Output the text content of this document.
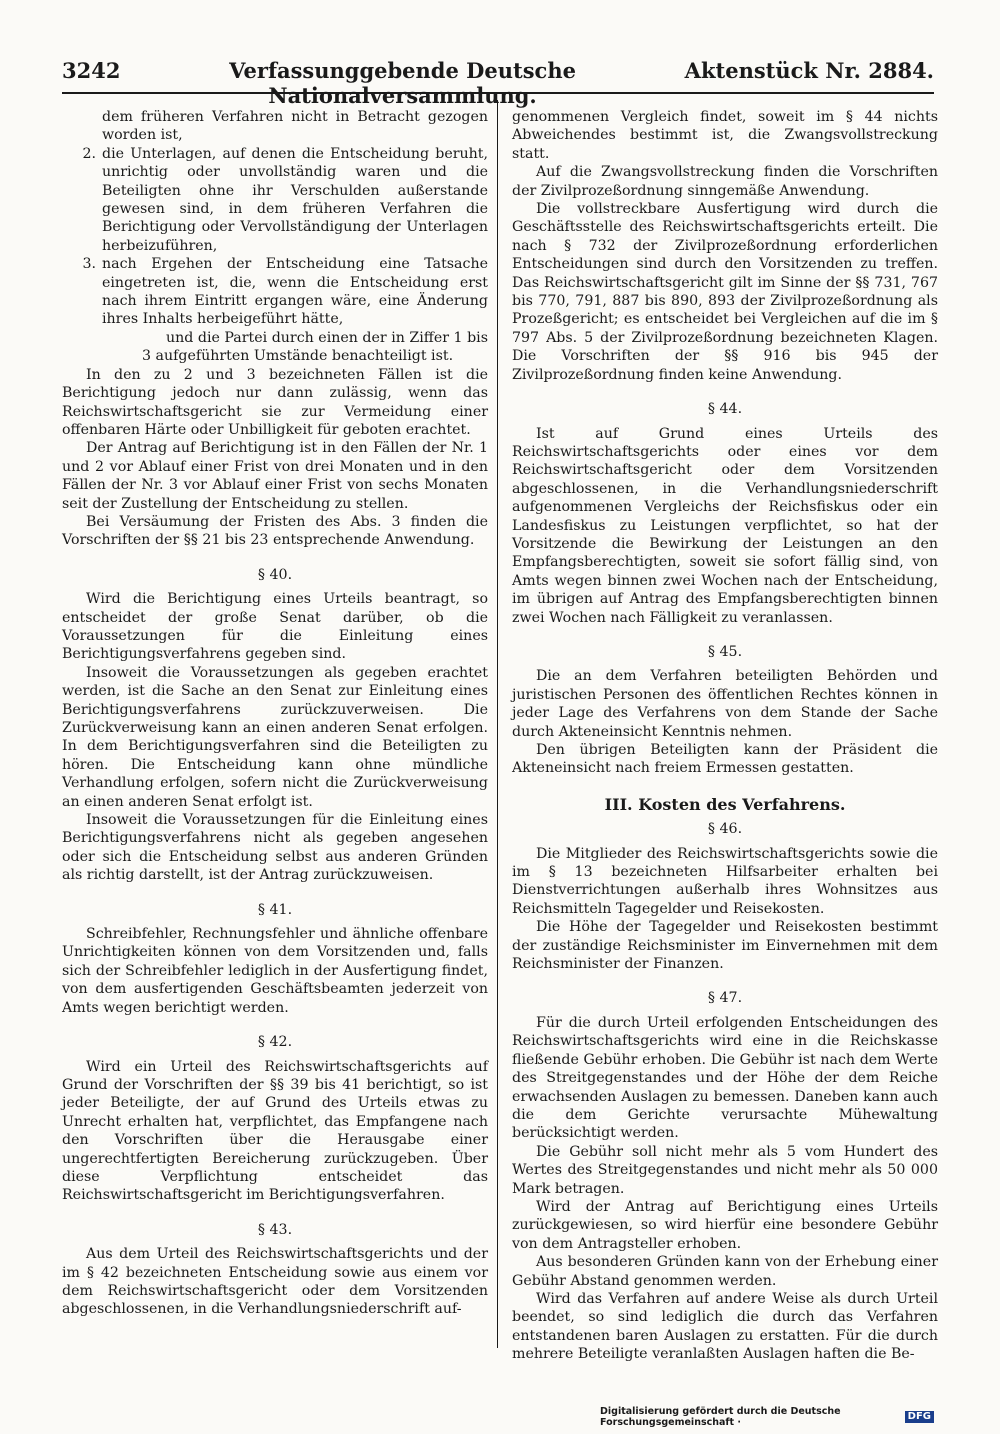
3242	Verfassunggebende Deutsche Nationalversammlung.
Aktenstück Nr. 2884.

dem früheren Verfahren nicht in Betracht gezogen worden ist,

2. die Unterlagen, auf denen die Entscheidung beruht, unrichtig oder unvollständig waren und die Beteiligten ohne ihr Verschulden außerstande gewesen sind, in dem früheren Verfahren die Berichtigung oder Vervollständigung der Unterlagen herbeizuführen,
3. nach Ergehen der Entscheidung eine Tatsache eingetreten ist, die, wenn die Entscheidung erst nach ihrem Eintritt ergangen wäre, eine Änderung ihres Inhalts herbeigeführt hätte,

und die Partei durch einen der in Ziffer 1 bis 3 aufgeführten Umstände benachteiligt ist.

In den zu 2 und 3 bezeichneten Fällen ist die Berichtigung jedoch nur dann zulässig, wenn das Reichswirtschaftsgericht sie zur Vermeidung einer offenbaren Härte oder Unbilligkeit für geboten erachtet.

Der Antrag auf Berichtigung ist in den Fällen der Nr. 1 und 2 vor Ablauf einer Frist von drei Monaten und in den Fällen der Nr. 3 vor Ablauf einer Frist von sechs Monaten seit der Zustellung der Entscheidung zu stellen.

Bei Versäumung der Fristen des Abs. 3 finden die Vorschriften der §§ 21 bis 23 entsprechende Anwendung.

§ 40.

Wird die Berichtigung eines Urteils beantragt, so entscheidet der große Senat darüber, ob die Voraussetzungen für die Einleitung eines Berichtigungsverfahrens gegeben sind.

Insoweit die Voraussetzungen als gegeben erachtet werden, ist die Sache an den Senat zur Einleitung eines Berichtigungsverfahrens zurückzuverweisen. Die Zurückverweisung kann an einen anderen Senat erfolgen. In dem Berichtigungsverfahren sind die Beteiligten zu hören. Die Entscheidung kann ohne mündliche Verhandlung erfolgen, sofern nicht die Zurückverweisung an einen anderen Senat erfolgt ist.

Insoweit die Voraussetzungen für die Einleitung eines Berichtigungsverfahrens nicht als gegeben angesehen oder sich die Entscheidung selbst aus anderen Gründen als richtig darstellt, ist der Antrag zurückzuweisen.

§ 41.

Schreibfehler, Rechnungsfehler und ähnliche offenbare Unrichtigkeiten können von dem Vorsitzenden und, falls sich der Schreibfehler lediglich in der Ausfertigung findet, von dem ausfertigenden Geschäftsbeamten jederzeit von Amts wegen berichtigt werden.

§ 42.

Wird ein Urteil des Reichswirtschaftsgerichts auf Grund der Vorschriften der §§ 39 bis 41 berichtigt, so ist jeder Beteiligte, der auf Grund des Urteils etwas zu Unrecht erhalten hat, verpflichtet, das Empfangene nach den Vorschriften über die Herausgabe einer ungerechtfertigten Bereicherung zurückzugeben. Über diese Verpflichtung entscheidet das Reichswirtschaftsgericht im Berichtigungsverfahren.

§ 43.

Aus dem Urteil des Reichswirtschaftsgerichts und der im § 42 bezeichneten Entscheidung sowie aus einem vor dem Reichswirtschaftsgericht oder dem Vorsitzenden abgeschlossenen, in die Verhandlungsniederschrift auf-

genommenen Vergleich findet, soweit im § 44 nichts Abweichendes bestimmt ist, die Zwangsvollstreckung statt.

Auf die Zwangsvollstreckung finden die Vorschriften der Zivilprozeßordnung sinngemäße Anwendung.

Die vollstreckbare Ausfertigung wird durch die Geschäftsstelle des Reichswirtschaftsgerichts erteilt. Die nach § 732 der Zivilprozeßordnung erforderlichen Entscheidungen sind durch den Vorsitzenden zu treffen. Das Reichswirtschaftsgericht gilt im Sinne der §§ 731, 767 bis 770, 791, 887 bis 890, 893 der Zivilprozeßordnung als Prozeßgericht; es entscheidet bei Vergleichen auf die im § 797 Abs. 5 der Zivilprozeßordnung bezeichneten Klagen. Die Vorschriften der §§ 916 bis 945 der Zivilprozeßordnung finden keine Anwendung.

§ 44.

Ist auf Grund eines Urteils des Reichswirtschaftsgerichts oder eines vor dem Reichswirtschaftsgericht oder dem Vorsitzenden abgeschlossenen, in die Verhandlungsniederschrift aufgenommenen Vergleichs der Reichsfiskus oder ein Landesfiskus zu Leistungen verpflichtet, so hat der Vorsitzende die Bewirkung der Leistungen an den Empfangsberechtigten, soweit sie sofort fällig sind, von Amts wegen binnen zwei Wochen nach der Entscheidung, im übrigen auf Antrag des Empfangsberechtigten binnen zwei Wochen nach Fälligkeit zu veranlassen.

§ 45.

Die an dem Verfahren beteiligten Behörden und juristischen Personen des öffentlichen Rechtes können in jeder Lage des Verfahrens von dem Stande der Sache durch Akteneinsicht Kenntnis nehmen.

Den übrigen Beteiligten kann der Präsident die Akteneinsicht nach freiem Ermessen gestatten.

III. Kosten des Verfahrens.

§ 46.

Die Mitglieder des Reichswirtschaftsgerichts sowie die im § 13 bezeichneten Hilfsarbeiter erhalten bei Dienstverrichtungen außerhalb ihres Wohnsitzes aus Reichsmitteln Tagegelder und Reisekosten.

Die Höhe der Tagegelder und Reisekosten bestimmt der zuständige Reichsminister im Einvernehmen mit dem Reichsminister der Finanzen.

§ 47.

Für die durch Urteil erfolgenden Entscheidungen des Reichswirtschaftsgerichts wird eine in die Reichskasse fließende Gebühr erhoben. Die Gebühr ist nach dem Werte des Streitgegenstandes und der Höhe der dem Reiche erwachsenden Auslagen zu bemessen. Daneben kann auch die dem Gerichte verursachte Mühewaltung berücksichtigt werden.

Die Gebühr soll nicht mehr als 5 vom Hundert des Wertes des Streitgegenstandes und nicht mehr als 50 000 Mark betragen.

Wird der Antrag auf Berichtigung eines Urteils zurückgewiesen, so wird hierfür eine besondere Gebühr von dem Antragsteller erhoben.

Aus besonderen Gründen kann von der Erhebung einer Gebühr Abstand genommen werden.

Wird das Verfahren auf andere Weise als durch Urteil beendet, so sind lediglich die durch das Verfahren entstandenen baren Auslagen zu erstatten. Für die durch mehrere Beteiligte veranlaßten Auslagen haften die Be-

Digitalisierung gefördert durch die Deutsche Forschungsgemeinschaft ·
DFG
